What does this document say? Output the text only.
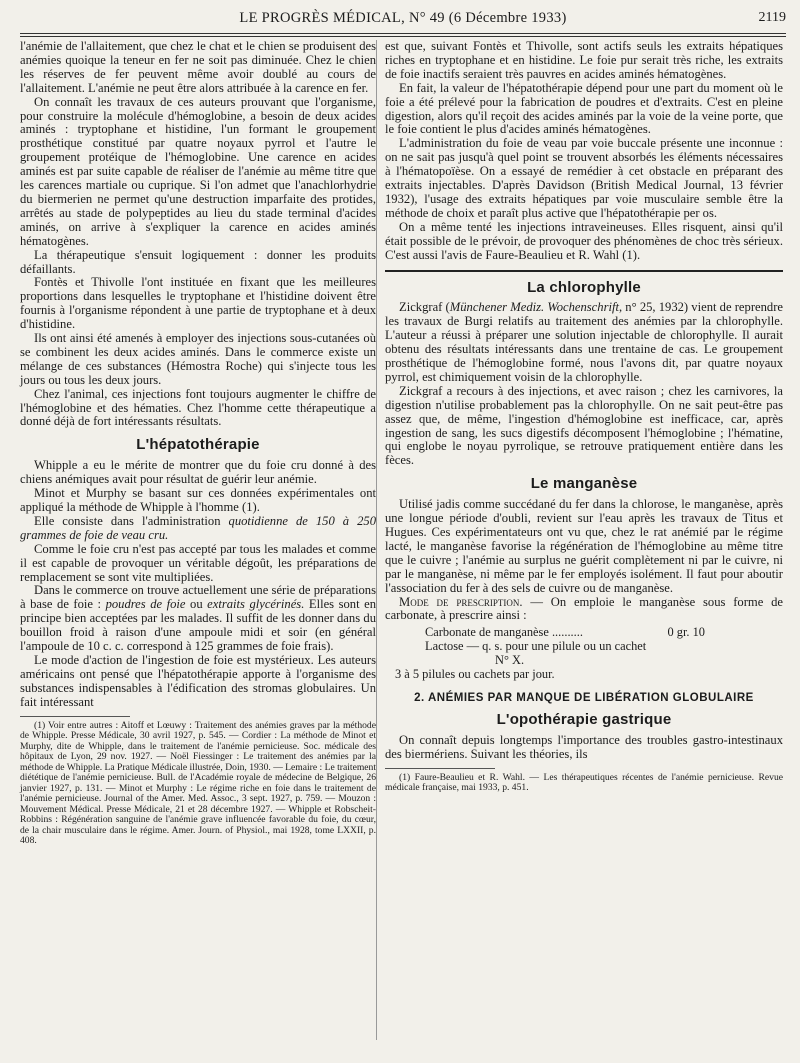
LE PROGRÈS MÉDICAL, N° 49 (6 Décembre 1933)	2119

l'anémie de l'allaitement, que chez le chat et le chien se produisent des anémies quoique la teneur en fer ne soit pas diminuée. Chez le chien les réserves de fer peuvent même avoir doublé au cours de l'allaitement. L'anémie ne peut être alors attribuée à la carence en fer.

On connaît les travaux de ces auteurs prouvant que l'organisme, pour construire la molécule d'hémoglobine, a besoin de deux acides aminés : tryptophane et histidine, l'un formant le groupement prosthétique constitué par quatre noyaux pyrrol et l'autre le groupement protéique de l'hémoglobine. Une carence en acides aminés est par suite capable de réaliser de l'anémie au même titre que les carences martiale ou cuprique. Si l'on admet que l'anachlorhydrie du biermerien ne permet qu'une destruction imparfaite des protides, arrêtés au stade de polypeptides au lieu du stade terminal d'acides aminés, on arrive à s'expliquer la carence en acides aminés hématogènes.

La thérapeutique s'ensuit logiquement : donner les produits défaillants.

Fontès et Thivolle l'ont instituée en fixant que les meilleures proportions dans lesquelles le tryptophane et l'histidine doivent être fournis à l'organisme répondent à une partie de tryptophane et à deux d'histidine.

Ils ont ainsi été amenés à employer des injections sous-cutanées où se combinent les deux acides aminés. Dans le commerce existe un mélange de ces substances (Hémostra Roche) qui s'injecte tous les jours ou tous les deux jours.

Chez l'animal, ces injections font toujours augmenter le chiffre de l'hémoglobine et des hématies. Chez l'homme cette thérapeutique a donné déjà de fort intéressants résultats.

L'hépatothérapie

Whipple a eu le mérite de montrer que du foie cru donné à des chiens anémiques avait pour résultat de guérir leur anémie.

Minot et Murphy se basant sur ces données expérimentales ont appliqué la méthode de Whipple à l'homme (1).

Elle consiste dans l'administration quotidienne de 150 à 250 grammes de foie de veau cru.

Comme le foie cru n'est pas accepté par tous les malades et comme il est capable de provoquer un véritable dégoût, les préparations de remplacement se sont vite multipliées.

Dans le commerce on trouve actuellement une série de préparations à base de foie : poudres de foie ou extraits glycérinés. Elles sont en principe bien acceptées par les malades. Il suffit de les donner dans du bouillon froid à raison d'une ampoule midi et soir (en général l'ampoule de 10 c. c. correspond à 125 grammes de foie frais).

Le mode d'action de l'ingestion de foie est mystérieux. Les auteurs américains ont pensé que l'hépatothérapie apporte à l'organisme des substances indispensables à l'édification des stromas globulaires. Un fait intéressant

(1) Voir entre autres : Aitoff et Lœuwy : Traitement des anémies graves par la méthode de Whipple. Presse Médicale, 30 avril 1927, p. 545. — Cordier : La méthode de Minot et Murphy, dite de Whipple, dans le traitement de l'anémie pernicieuse. Soc. médicale des hôpitaux de Lyon, 29 nov. 1927. — Noël Fiessinger : Le traitement des anémies par la méthode de Whipple. La Pratique Médicale illustrée, Doin, 1930. — Lemaire : Le traitement diététique de l'anémie pernicieuse. Bull. de l'Académie royale de médecine de Belgique, 26 janvier 1927, p. 131. — Minot et Murphy : Le régime riche en foie dans le traitement de l'anémie pernicieuse. Journal of the Amer. Med. Assoc., 3 sept. 1927, p. 759. — Mouzon : Mouvement Médical. Presse Médicale, 21 et 28 décembre 1927. — Whipple et Robscheit-Robbins : Régénération sanguine de l'anémie grave influencée favorable du foie, du cœur, de la chair musculaire dans le régime. Amer. Journ. of Physiol., mai 1928, tome LXXII, p. 408.

est que, suivant Fontès et Thivolle, sont actifs seuls les extraits hépatiques riches en tryptophane et en histidine. Le foie pur serait très riche, les extraits de foie inactifs seraient très pauvres en acides aminés hématogènes.

En fait, la valeur de l'hépatothérapie dépend pour une part du moment où le foie a été prélevé pour la fabrication de poudres et d'extraits. C'est en pleine digestion, alors qu'il reçoit des acides aminés par la voie de la veine porte, que le foie contient le plus d'acides aminés hématogènes.

L'administration du foie de veau par voie buccale présente une inconnue : on ne sait pas jusqu'à quel point se trouvent absorbés les éléments nécessaires à l'hématopoïèse. On a essayé de remédier à cet obstacle en préparant des extraits injectables. D'après Davidson (British Medical Journal, 13 février 1932), l'usage des extraits hépatiques par voie musculaire semble être la méthode de choix et paraît plus active que l'hépatothérapie per os.

On a même tenté les injections intraveineuses. Elles risquent, ainsi qu'il était possible de le prévoir, de provoquer des phénomènes de choc très sérieux. C'est aussi l'avis de Faure-Beaulieu et R. Wahl (1).

La chlorophylle

Zickgraf (Münchener Mediz. Wochenschrift, n° 25, 1932) vient de reprendre les travaux de Burgi relatifs au traitement des anémies par la chlorophylle. L'auteur a réussi à préparer une solution injectable de chlorophylle. Il aurait obtenu des résultats intéressants dans une trentaine de cas. Le groupement prosthétique de l'hémoglobine formé, nous l'avons dit, par quatre noyaux pyrrol, est chimiquement voisin de la chlorophylle.

Zickgraf a recours à des injections, et avec raison ; chez les carnivores, la digestion n'utilise probablement pas la chlorophylle. On ne sait peut-être pas assez que, de même, l'ingestion d'hémoglobine est inefficace, car, après ingestion de sang, les sucs digestifs décomposent l'hémoglobine ; l'hématine, qui englobe le noyau pyrrolique, se retrouve pratiquement entière dans les fèces.

Le manganèse

Utilisé jadis comme succédané du fer dans la chlorose, le manganèse, après une longue période d'oubli, revient sur l'eau après les travaux de Titus et Hugues. Ces expérimentateurs ont vu que, chez le rat anémié par le régime lacté, le manganèse favorise la régénération de l'hémoglobine au même titre que le cuivre ; l'anémie au surplus ne guérit complètement ni par le cuivre, ni par le manganèse, ni même par le fer employés isolément. Il faut pour aboutir l'association du fer à des sels de cuivre ou de manganèse.

Mode de prescription. — On emploie le manganèse sous forme de carbonate, à prescrire ainsi :

Carbonate de manganèse ..........	0 gr. 10
Lactose — q. s. pour une pilule ou un cachet
N° X.
3 à 5 pilules ou cachets par jour.
2. ANÉMIES PAR MANQUE DE LIBÉRATION GLOBULAIRE
L'opothérapie gastrique

On connaît depuis longtemps l'importance des troubles gastro-intestinaux des biermériens. Suivant les théories, ils

(1) Faure-Beaulieu et R. Wahl. — Les thérapeutiques récentes de l'anémie pernicieuse. Revue médicale française, mai 1933, p. 451.
